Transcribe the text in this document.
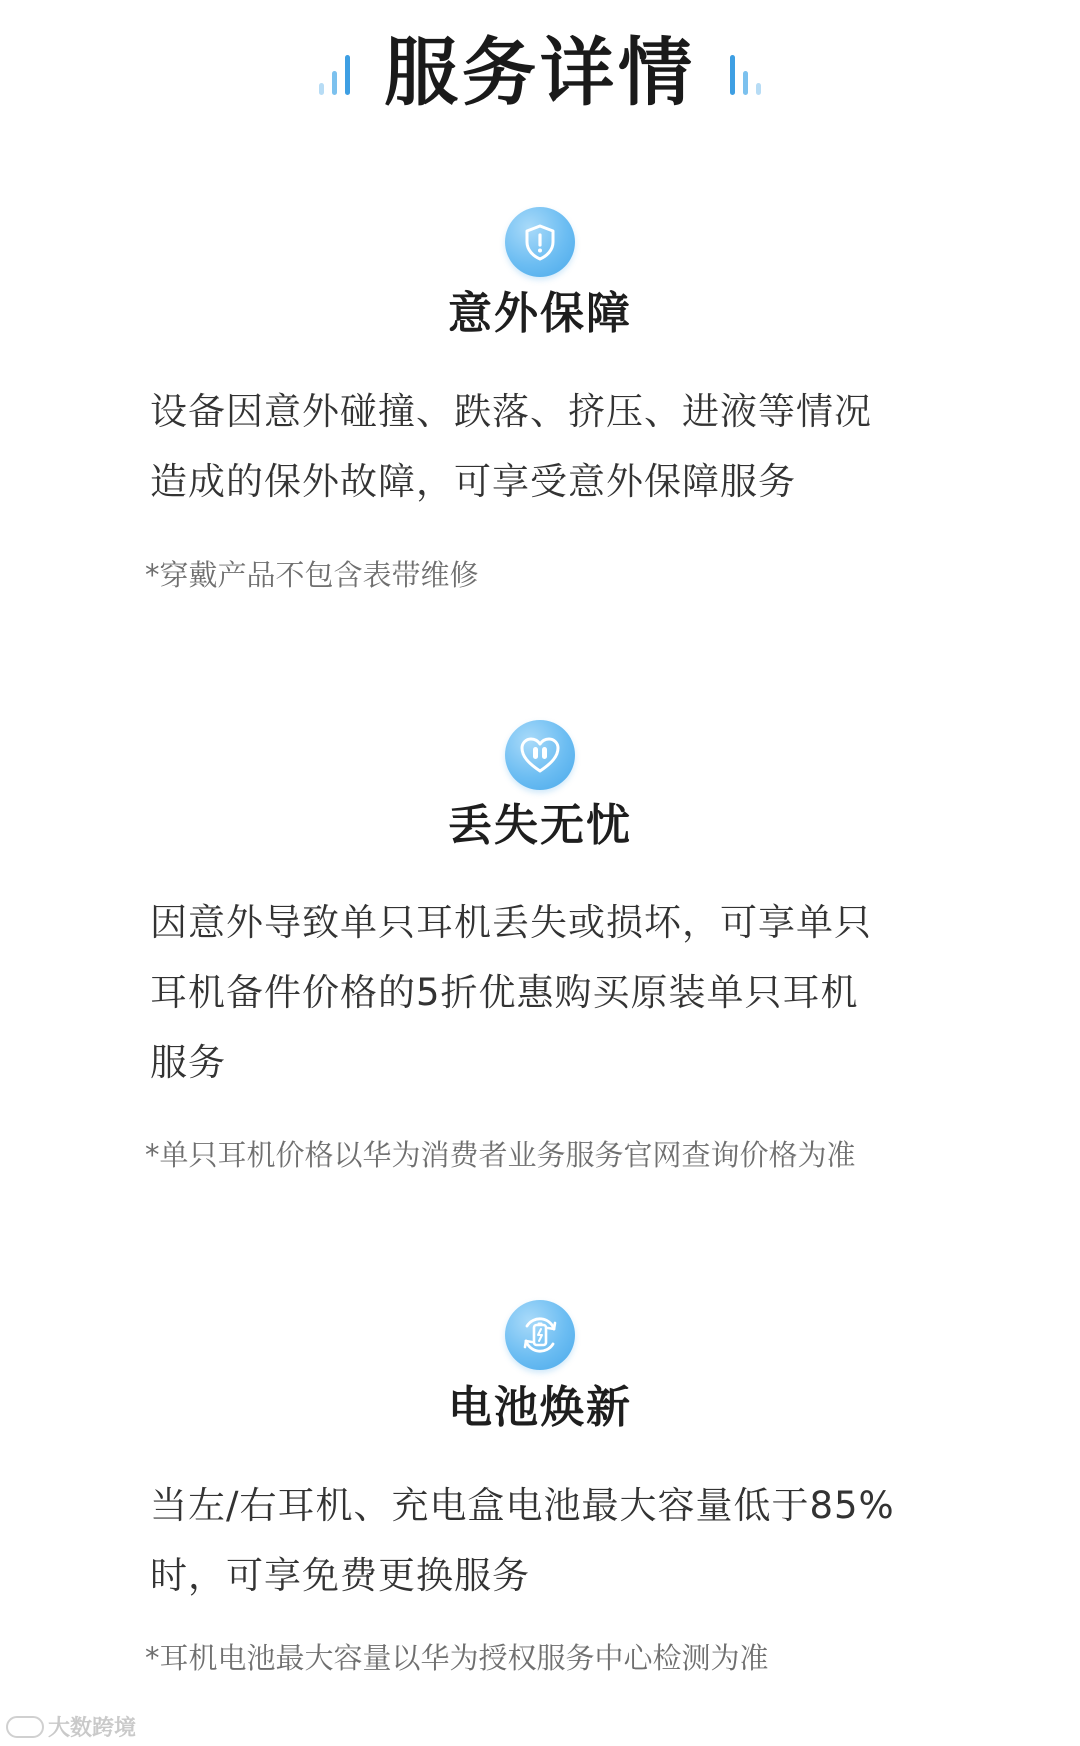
服务详情
意外保障

设备因意外碰撞、跌落、挤压、进液等情况
造成的保外故障，可享受意外保障服务

*穿戴产品不包含表带维修

丢失无忧

因意外导致单只耳机丢失或损坏，可享单只
耳机备件价格的5折优惠购买原装单只耳机
服务

*单只耳机价格以华为消费者业务服务官网查询价格为准

电池焕新

当左/右耳机、充电盒电池最大容量低于85%
时，可享免费更换服务

*耳机电池最大容量以华为授权服务中心检测为准

大数跨境
